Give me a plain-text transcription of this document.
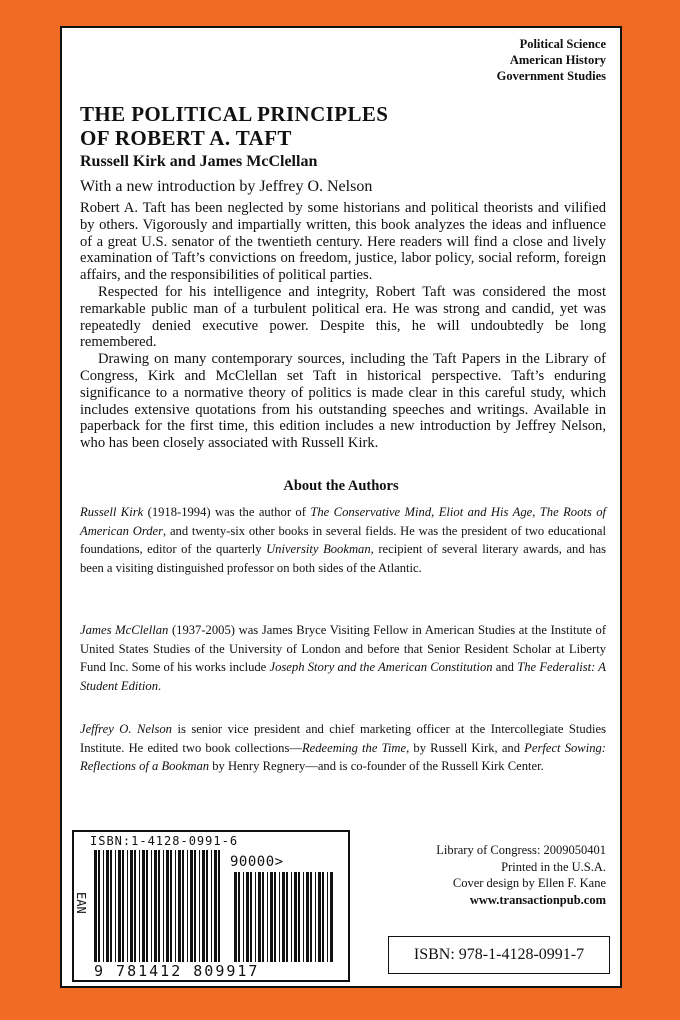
Political Science
American History
Government Studies
THE POLITICAL PRINCIPLES
OF ROBERT A. TAFT
Russell Kirk and James McClellan
With a new introduction by Jeffrey O. Nelson

Robert A. Taft has been neglected by some historians and political theorists and vilified by others. Vigorously and impartially written, this book analyzes the ideas and influence of a great U.S. senator of the twentieth century. Here readers will find a close and lively examination of Taft’s convictions on freedom, justice, labor policy, social reform, foreign affairs, and the responsibilities of political parties.

Respected for his intelligence and integrity, Robert Taft was considered the most remarkable public man of a turbulent political era. He was strong and candid, yet was repeatedly denied executive power. Despite this, he will undoubtedly be long remembered.

Drawing on many contemporary sources, including the Taft Papers in the Library of Congress, Kirk and McClellan set Taft in historical perspective. Taft’s enduring significance to a normative theory of politics is made clear in this careful study, which includes extensive quotations from his outstanding speeches and writings. Available in paperback for the first time, this edition includes a new introduction by Jeffrey Nelson, who has been closely associated with Russell Kirk.

About the Authors
Russell Kirk (1918-1994) was the author of The Conservative Mind, Eliot and His Age, The Roots of American Order, and twenty-six other books in several fields. He was the president of two educational foundations, editor of the quarterly University Bookman, recipient of several literary awards, and has been a visiting distinguished professor on both sides of the Atlantic.
James McClellan (1937-2005) was James Bryce Visiting Fellow in American Studies at the Institute of United States Studies of the University of London and before that Senior Resident Scholar at Liberty Fund Inc. Some of his works include Joseph Story and the American Constitution and The Federalist: A Student Edition.
Jeffrey O. Nelson is senior vice president and chief marketing officer at the Intercollegiate Studies Institute. He edited two book collections—Redeeming the Time, by Russell Kirk, and Perfect Sowing: Reflections of a Bookman by Henry Regnery—and is co-founder of the Russell Kirk Center.
ISBN:1-4128-0991-6
90000>
EAN
9 781412 809917
Library of Congress: 2009050401
Printed in the U.S.A.
Cover design by Ellen F. Kane
www.transactionpub.com
ISBN: 978-1-4128-0991-7
